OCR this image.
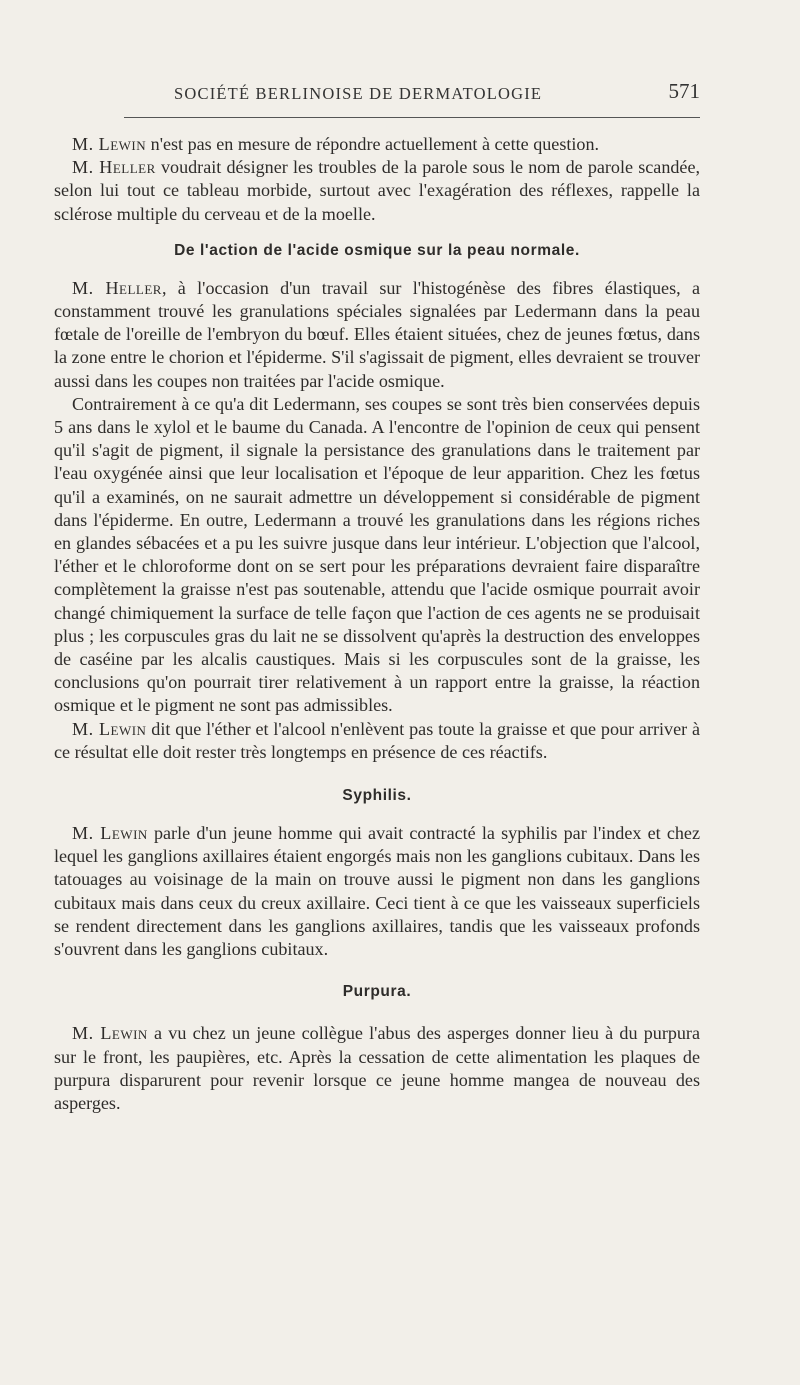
SOCIÉTÉ BERLINOISE DE DERMATOLOGIE	571

M. Lewin n'est pas en mesure de répondre actuellement à cette question.

M. Heller voudrait désigner les troubles de la parole sous le nom de parole scandée, selon lui tout ce tableau morbide, surtout avec l'exagération des réflexes, rappelle la sclérose multiple du cerveau et de la moelle.

De l'action de l'acide osmique sur la peau normale.

M. Heller, à l'occasion d'un travail sur l'histogénèse des fibres élastiques, a constamment trouvé les granulations spéciales signalées par Ledermann dans la peau fœtale de l'oreille de l'embryon du bœuf. Elles étaient situées, chez de jeunes fœtus, dans la zone entre le chorion et l'épiderme. S'il s'agissait de pigment, elles devraient se trouver aussi dans les coupes non traitées par l'acide osmique.

Contrairement à ce qu'a dit Ledermann, ses coupes se sont très bien conservées depuis 5 ans dans le xylol et le baume du Canada. A l'encontre de l'opinion de ceux qui pensent qu'il s'agit de pigment, il signale la persistance des granulations dans le traitement par l'eau oxygénée ainsi que leur localisation et l'époque de leur apparition. Chez les fœtus qu'il a examinés, on ne saurait admettre un développement si considérable de pigment dans l'épiderme. En outre, Ledermann a trouvé les granulations dans les régions riches en glandes sébacées et a pu les suivre jusque dans leur intérieur. L'objection que l'alcool, l'éther et le chloroforme dont on se sert pour les préparations devraient faire disparaître complètement la graisse n'est pas soutenable, attendu que l'acide osmique pourrait avoir changé chimiquement la surface de telle façon que l'action de ces agents ne se produisait plus ; les corpuscules gras du lait ne se dissolvent qu'après la destruction des enveloppes de caséine par les alcalis caustiques. Mais si les corpuscules sont de la graisse, les conclusions qu'on pourrait tirer relativement à un rapport entre la graisse, la réaction osmique et le pigment ne sont pas admissibles.

M. Lewin dit que l'éther et l'alcool n'enlèvent pas toute la graisse et que pour arriver à ce résultat elle doit rester très longtemps en présence de ces réactifs.

Syphilis.

M. Lewin parle d'un jeune homme qui avait contracté la syphilis par l'index et chez lequel les ganglions axillaires étaient engorgés mais non les ganglions cubitaux. Dans les tatouages au voisinage de la main on trouve aussi le pigment non dans les ganglions cubitaux mais dans ceux du creux axillaire. Ceci tient à ce que les vaisseaux superficiels se rendent directement dans les ganglions axillaires, tandis que les vaisseaux profonds s'ouvrent dans les ganglions cubitaux.

Purpura.

M. Lewin a vu chez un jeune collègue l'abus des asperges donner lieu à du purpura sur le front, les paupières, etc. Après la cessation de cette alimentation les plaques de purpura disparurent pour revenir lorsque ce jeune homme mangea de nouveau des asperges.
